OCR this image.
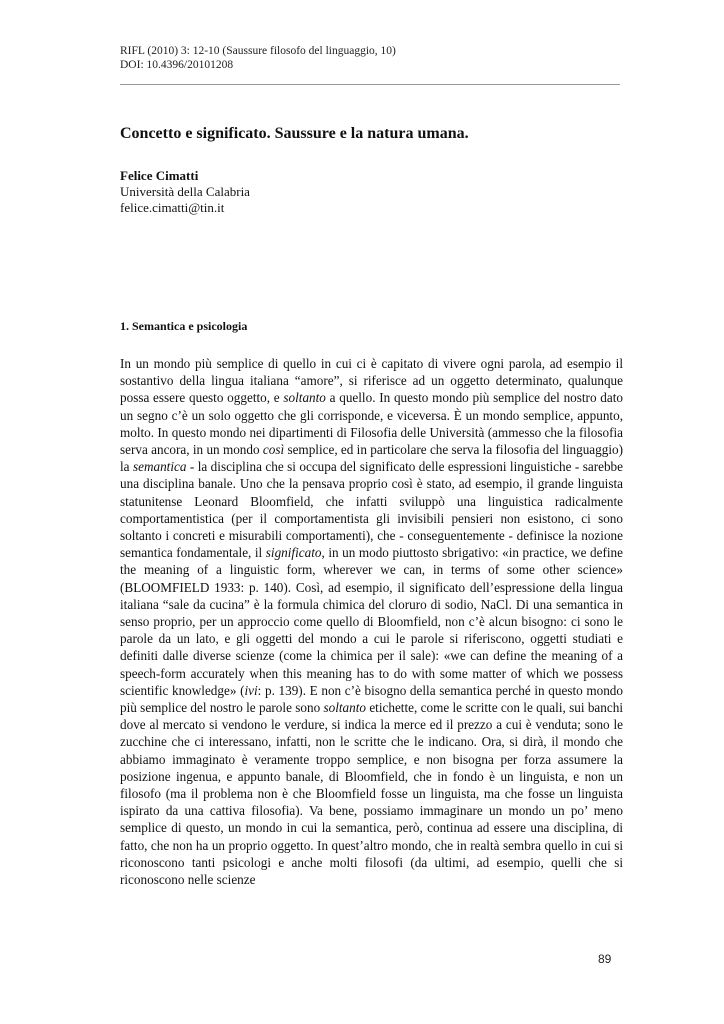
RIFL (2010) 3: 12-10 (Saussure filosofo del linguaggio, 10)
DOI: 10.4396/20101208
Concetto e significato. Saussure e la natura umana.
Felice Cimatti
Università della Calabria
felice.cimatti@tin.it
1. Semantica e psicologia

In un mondo più semplice di quello in cui ci è capitato di vivere ogni parola, ad esempio il sostantivo della lingua italiana “amore”, si riferisce ad un oggetto determinato, qualunque possa essere questo oggetto, e soltanto a quello. In questo mondo più semplice del nostro dato un segno c’è un solo oggetto che gli corrisponde, e viceversa. È un mondo semplice, appunto, molto. In questo mondo nei dipartimenti di Filosofia delle Università (ammesso che la filosofia serva ancora, in un mondo così semplice, ed in particolare che serva la filosofia del linguaggio) la semantica - la disciplina che si occupa del significato delle espressioni linguistiche - sarebbe una disciplina banale. Uno che la pensava proprio così è stato, ad esempio, il grande linguista statunitense Leonard Bloomfield, che infatti sviluppò una linguistica radicalmente comportamentistica (per il comportamentista gli invisibili pensieri non esistono, ci sono soltanto i concreti e misurabili comportamenti), che - conseguentemente - definisce la nozione semantica fondamentale, il significato, in un modo piuttosto sbrigativo: «in practice, we define the meaning of a linguistic form, wherever we can, in terms of some other science» (BLOOMFIELD 1933: p. 140). Così, ad esempio, il significato dell’espressione della lingua italiana “sale da cucina” è la formula chimica del cloruro di sodio, NaCl. Di una semantica in senso proprio, per un approccio come quello di Bloomfield, non c’è alcun bisogno: ci sono le parole da un lato, e gli oggetti del mondo a cui le parole si riferiscono, oggetti studiati e definiti dalle diverse scienze (come la chimica per il sale): «we can define the meaning of a speech-form accurately when this meaning has to do with some matter of which we possess scientific knowledge» (ivi: p. 139). E non c’è bisogno della semantica perché in questo mondo più semplice del nostro le parole sono soltanto etichette, come le scritte con le quali, sui banchi dove al mercato si vendono le verdure, si indica la merce ed il prezzo a cui è venduta; sono le zucchine che ci interessano, infatti, non le scritte che le indicano. Ora, si dirà, il mondo che abbiamo immaginato è veramente troppo semplice, e non bisogna per forza assumere la posizione ingenua, e appunto banale, di Bloomfield, che in fondo è un linguista, e non un filosofo (ma il problema non è che Bloomfield fosse un linguista, ma che fosse un linguista ispirato da una cattiva filosofia). Va bene, possiamo immaginare un mondo un po’ meno semplice di questo, un mondo in cui la semantica, però, continua ad essere una disciplina, di fatto, che non ha un proprio oggetto. In quest’altro mondo, che in realtà sembra quello in cui si riconoscono tanti psicologi e anche molti filosofi (da ultimi, ad esempio, quelli che si riconoscono nelle scienze

89
